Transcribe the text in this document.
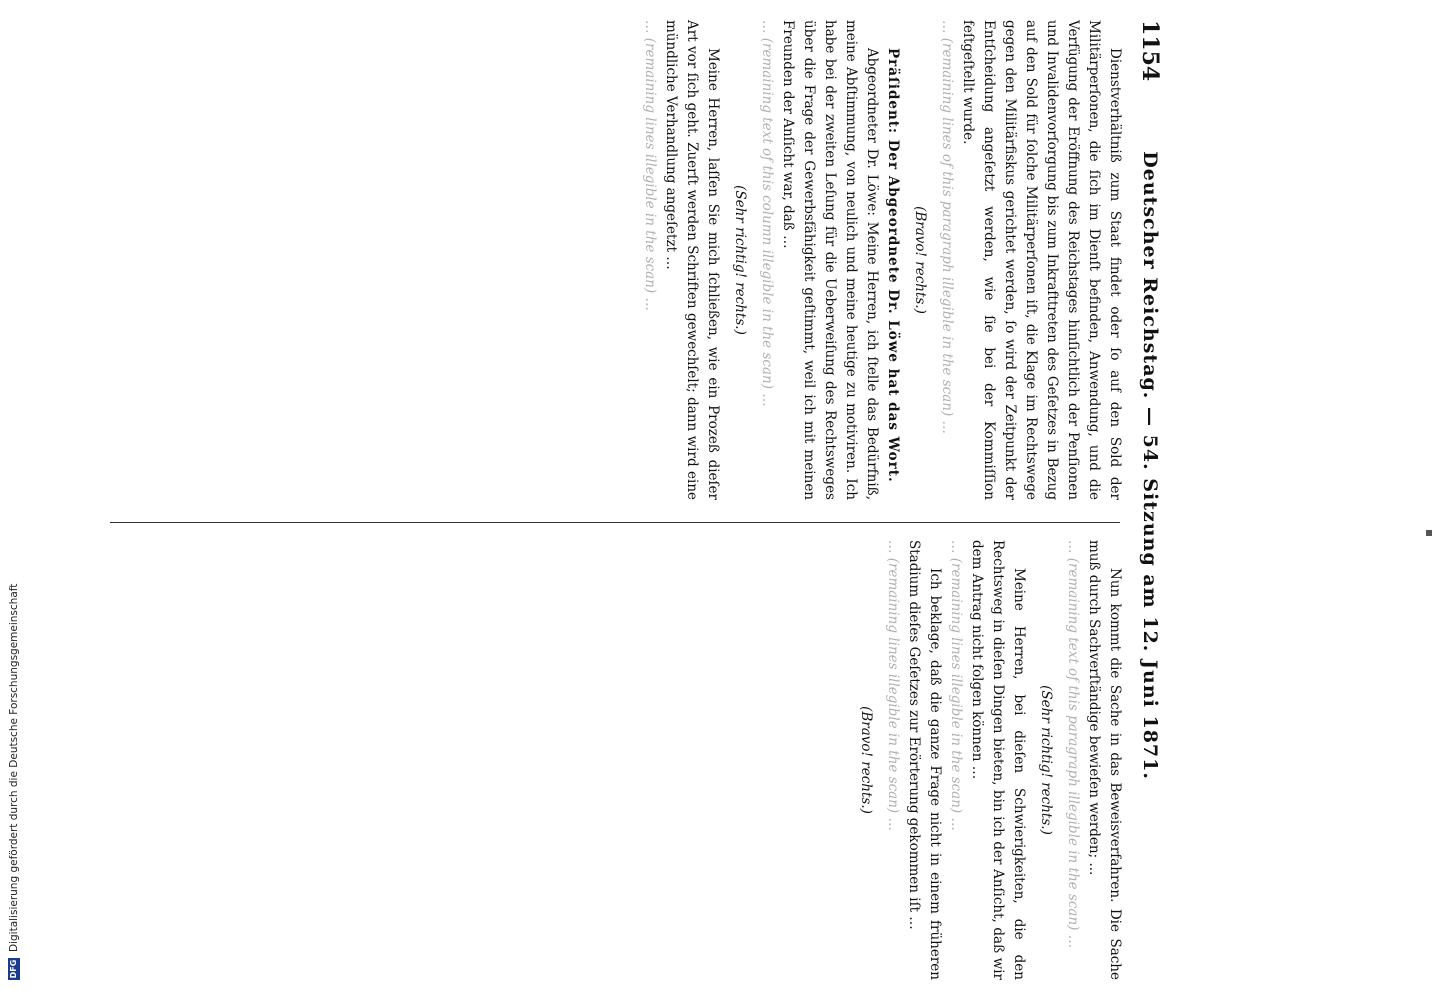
1154
Deutscher Reichstag. — 54. Sitzung am 12. Juni 1871.

Dienstverhältniß zum Staat findet oder ſo auf den Sold der Militärperſonen, die ſich im Dienſt befinden, Anwendung, und die Verfügung der Eröffnung des Reichstages hinſichtlich der Penſionen und Invalidenvorſorgung bis zum Inkrafttreten des Geſetzes in Bezug auf den Sold für ſolche Militärperſonen iſt, die Klage im Rechtswege gegen den Militärfiskus gerichtet werden, ſo wird der Zeitpunkt der Entſcheidung angeſetzt werden, wie ſie bei der Kommiſſion feſtgeſtellt wurde.

… (remaining lines of this paragraph illegible in the scan) …

(Bravo! rechts.)

Präſident: Der Abgeordnete Dr. Löwe hat das Wort.

Abgeordneter Dr. Löwe: Meine Herren, ich ſtelle das Bedürfniß, meine Abſtimmung, von neulich und meine heutige zu motiviren. Ich habe bei der zweiten Leſung für die Ueberweiſung des Rechtsweges über die Frage der Gewerbsfähigkeit geſtimmt, weil ich mit meinen Freunden der Anſicht war, daß …

… (remaining text of this column illegible in the scan) …

(Sehr richtig! rechts.)

Meine Herren, laſſen Sie mich ſchließen, wie ein Prozeß dieſer Art vor ſich geht. Zuerſt werden Schriften gewechſelt; dann wird eine mündliche Verhandlung angeſetzt …

… (remaining lines illegible in the scan) …

Nun kommt die Sache in das Beweisverfahren. Die Sache muß durch Sachverſtändige bewieſen werden; ...

… (remaining text of this paragraph illegible in the scan) …

(Sehr richtig! rechts.)

Meine Herren, bei dieſen Schwierigkeiten, die den Rechtsweg in dieſen Dingen bieten, bin ich der Anſicht, daß wir dem Antrag nicht folgen können …

… (remaining lines illegible in the scan) …

Ich beklage, daß die ganze Frage nicht in einem früheren Stadium dieſes Geſetzes zur Erörterung gekommen iſt …

… (remaining lines illegible in the scan) …

(Bravo! rechts.)

DFG
Digitalisierung gefördert durch die Deutsche Forschungsgemeinschaft
